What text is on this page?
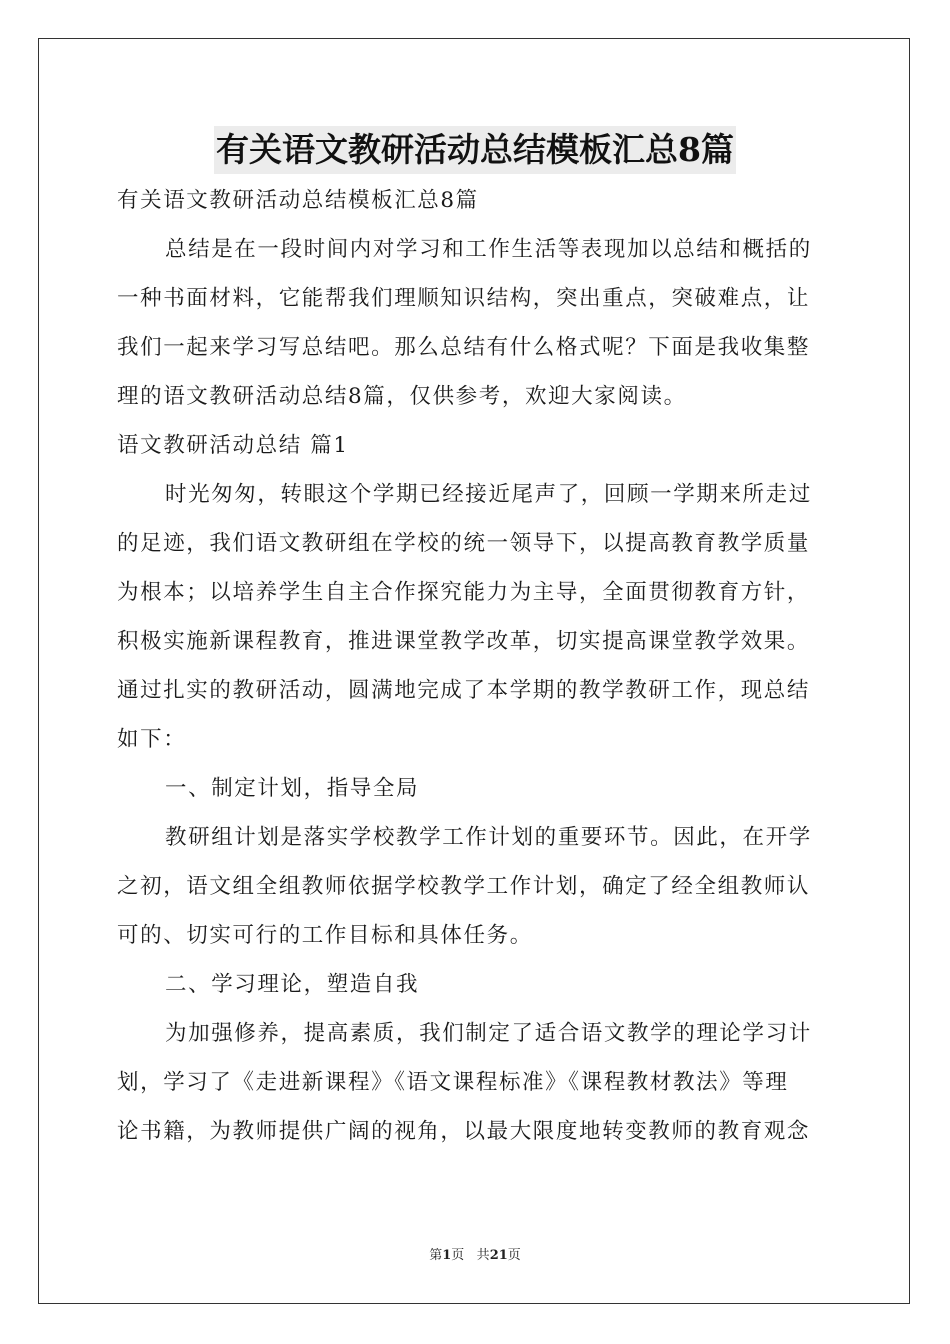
有关语文教研活动总结模板汇总8篇
有关语文教研活动总结模板汇总8篇
总结是在一段时间内对学习和工作生活等表现加以总结和概括的
一种书面材料，它能帮我们理顺知识结构，突出重点，突破难点，让
我们一起来学习写总结吧。那么总结有什么格式呢？下面是我收集整
理的语文教研活动总结8篇，仅供参考，欢迎大家阅读。
语文教研活动总结 篇1
时光匆匆，转眼这个学期已经接近尾声了，回顾一学期来所走过
的足迹，我们语文教研组在学校的统一领导下，以提高教育教学质量
为根本；以培养学生自主合作探究能力为主导，全面贯彻教育方针，
积极实施新课程教育，推进课堂教学改革，切实提高课堂教学效果。
通过扎实的教研活动，圆满地完成了本学期的教学教研工作，现总结
如下：
一、制定计划，指导全局
教研组计划是落实学校教学工作计划的重要环节。因此，在开学
之初，语文组全组教师依据学校教学工作计划，确定了经全组教师认
可的、切实可行的工作目标和具体任务。
二、学习理论，塑造自我
为加强修养，提高素质，我们制定了适合语文教学的理论学习计
划，学习了《走进新课程》《语文课程标准》《课程教材教法》等理
论书籍，为教师提供广阔的视角，以最大限度地转变教师的教育观念
第1页 共21页
